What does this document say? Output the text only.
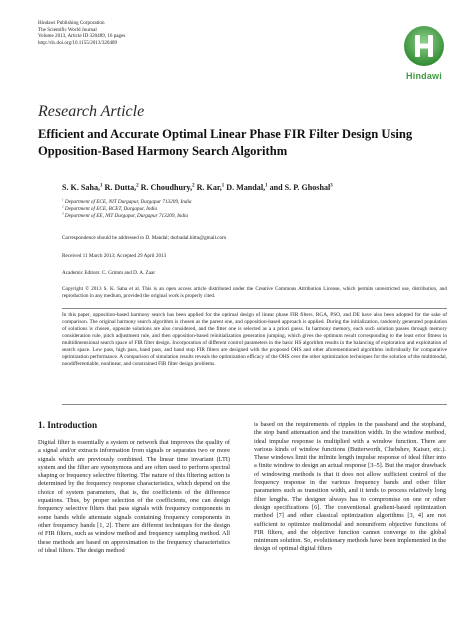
Hindawi Publishing Corporation
The Scientific World Journal
Volume 2013, Article ID 320489, 16 pages
http://dx.doi.org/10.1155/2013/320489
Hindawi
Research Article
Efficient and Accurate Optimal Linear Phase FIR Filter Design Using Opposition-Based Harmony Search Algorithm
S. K. Saha,$^1$ R. Dutta,$^2$ R. Choudhury,$^2$ R. Kar,$^1$ D. Mandal,$^1$ and S. P. Ghoshal$^3$
$^1$ Department of ECE, NIT Durgapur, Durgapur 713209, India
$^2$ Department of ECE, BCET, Durgapur, India
$^3$ Department of EE, NIT Durgapur, Durgapur 713209, India
Correspondence should be addressed to D. Mandal; durbadal.bittu@gmail.com
Received 11 March 2013; Accepted 29 April 2013
Academic Editors: C. Grimm and D. A. Zaar
Copyright © 2013 S. K. Saha et al. This is an open access article distributed under the Creative Commons Attribution License, which permits unrestricted use, distribution, and reproduction in any medium, provided the original work is properly cited.
In this paper, opposition-based harmony search has been applied for the optimal design of linear phase FIR filters. RGA, PSO, and DE have also been adopted for the sake of comparison. The original harmony search algorithm is chosen as the parent one, and opposition-based approach is applied. During the initialization, randomly generated population of solutions is chosen, opposite solutions are also considered, and the fitter one is selected as a a priori guess. In harmony memory, each such solution passes through memory consideration rule, pitch adjustment rule, and then opposition-based reinitialization generation jumping, which gives the optimum result corresponding to the least error fitness in multidimensional search space of FIR filter design. Incorporation of different control parameters in the basic HS algorithm results in the balancing of exploration and exploitation of search space. Low pass, high pass, band pass, and band stop FIR filters are designed with the proposed OHS and other aforementioned algorithms individually for comparative optimization performance. A comparison of simulation results reveals the optimization efficacy of the OHS over the other optimization techniques for the solution of the multimodal, nondifferentiable, nonlinear, and constrained FIR filter design problems.
1. Introduction
Digital filter is essentially a system or network that improves the quality of a signal and/or extracts information from signals or separates two or more signals which are previously combined. The linear time invariant (LTI) system and the filter are synonymous and are often used to perform spectral shaping or frequency selective filtering. The nature of this filtering action is determined by the frequency response characteristics, which depend on the choice of system parameters, that is, the coefficients of the difference equations. Thus, by proper selection of the coefficients, one can design frequency selective filters that pass signals with frequency components in some bands while attenuate signals containing frequency components in other frequency bands [1, 2]. There are different techniques for the design of FIR filters, such as window method and frequency sampling method. All these methods are based on approximation to the frequency characteristics of ideal filters. The design method
is based on the requirements of ripples in the passband and the stopband, the stop band attenuation and the transition width. In the window method, ideal impulse response is multiplied with a window function. There are various kinds of window functions (Butterworth, Chebshev, Kaiser, etc.). These windows limit the infinite length impulse response of ideal filter into a finite window to design an actual response [3–5]. But the major drawback of windowing methods is that it does not allow sufficient control of the frequency response in the various frequency bands and other filter parameters such as transition width, and it tends to process relatively long filter lengths. The designer always has to compromise on one or other design specifications [6]. The conventional gradient-based optimization method [7] and other classical optimization algorithms [3, 4] are not sufficient to optimize multimodal and nonuniform objective functions of FIR filters, and the objective function cannot converge to the global minimum solution. So, evolutionary methods have been implemented in the design of optimal digital filters
